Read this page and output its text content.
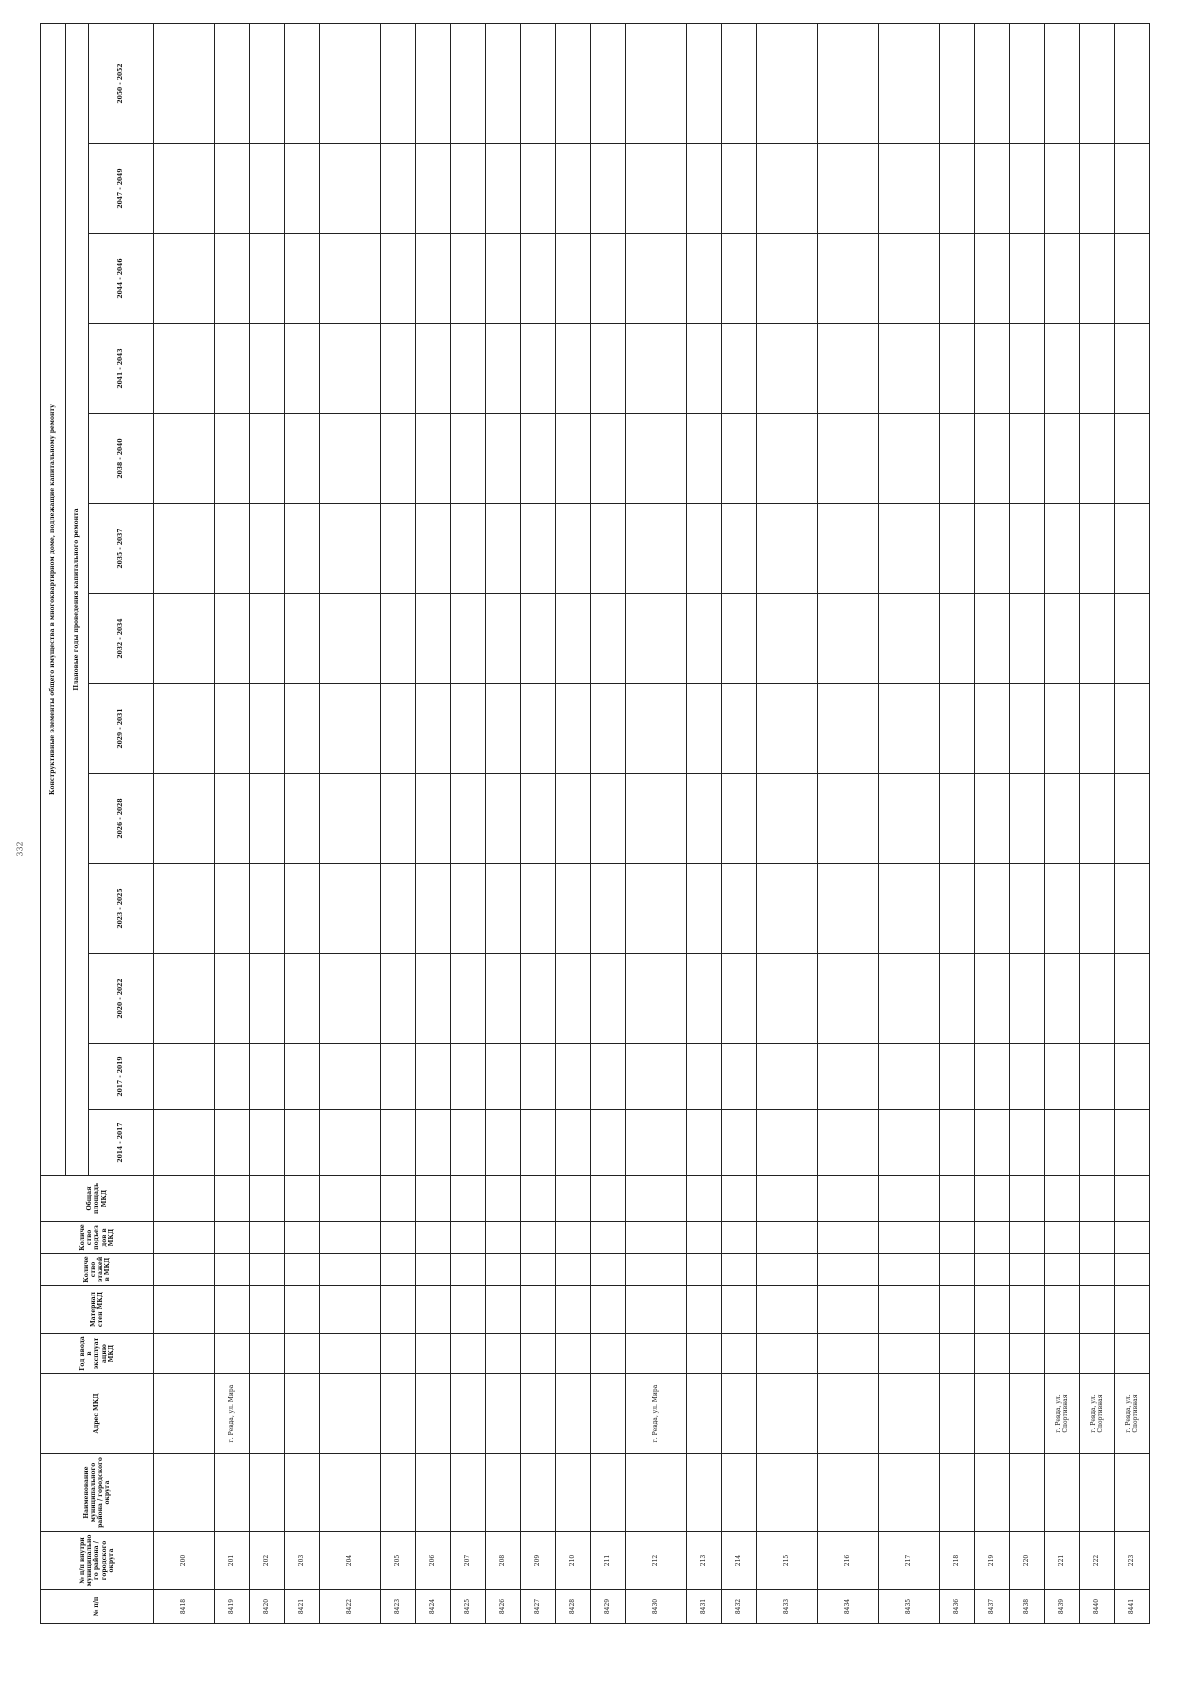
332
№ п/п	№ п/п внутри муниципального района / городского округа	Наименование муниципального района / городского округа	Адрес МКД	Год ввода в эксплуатацию МКД	Материал стен МКД	Количество этажей в МКД	Количество подъездов в МКД	Общая площадь МКД	Конструктивные элементы общего имущества в многоквартирном доме, подлежащие капитальному ремонту												
									Плановые годы проведения капитального ремонта												
									2014 - 2017	2017 - 2019	2020 - 2022	2023 - 2025	2026 - 2028	2029 - 2031	2032 - 2034	2035 - 2037	2038 - 2040	2041 - 2043	2044 - 2046	2047 - 2049	2050 - 2052
8418	200																				
8419	201		г. Ревда, ул. Мира																		
8420	202																				
8421	203																				
8422	204																				
8423	205																				
8424	206																				
8425	207																				
8426	208																				
8427	209																				
8428	210																				
8429	211																				
8430	212		г. Ревда, ул. Мира																		
8431	213																				
8432	214																				
8433	215																				
8434	216																				
8435	217																				
8436	218																				
8437	219																				
8438	220																				
8439	221		г. Ревда, ул. Спортивная																		
8440	222		г. Ревда, ул. Спортивная																		
8441	223		г. Ревда, ул. Спортивная																		
